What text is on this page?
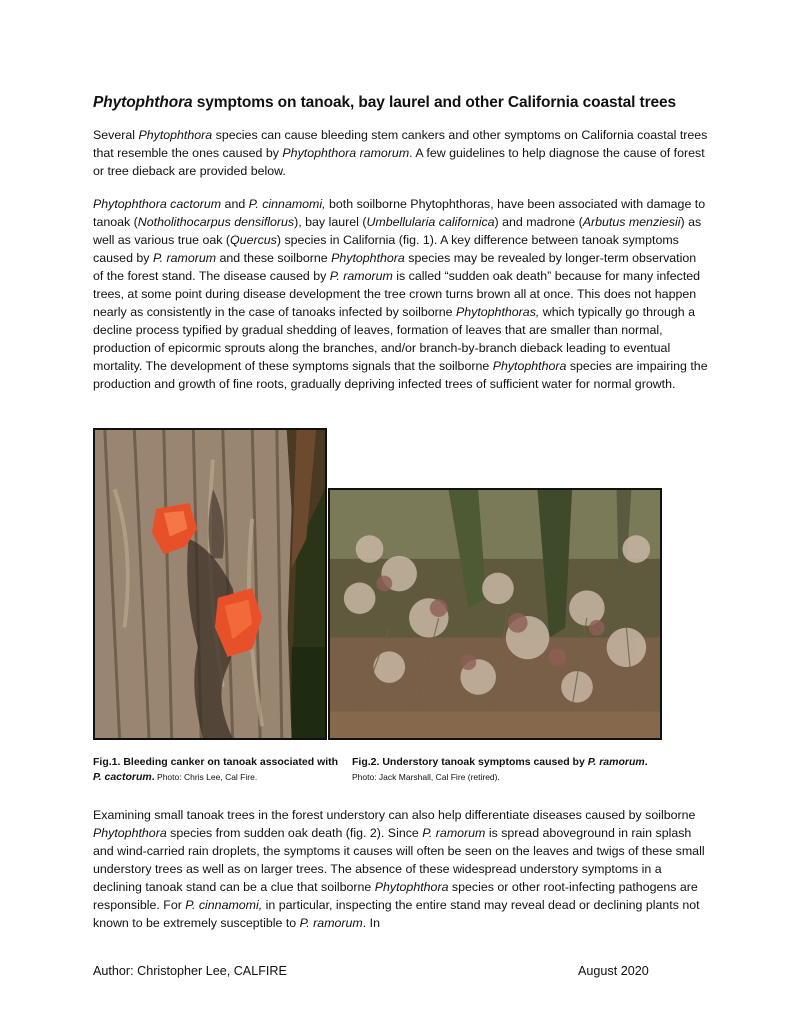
Phytophthora symptoms on tanoak, bay laurel and other California coastal trees

Several Phytophthora species can cause bleeding stem cankers and other symptoms on California coastal trees that resemble the ones caused by Phytophthora ramorum. A few guidelines to help diagnose the cause of forest or tree dieback are provided below.

Phytophthora cactorum and P. cinnamomi, both soilborne Phytophthoras, have been associated with damage to tanoak (Notholithocarpus densiflorus), bay laurel (Umbellularia californica) and madrone (Arbutus menziesii) as well as various true oak (Quercus) species in California (fig. 1). A key difference between tanoak symptoms caused by P. ramorum and these soilborne Phytophthora species may be revealed by longer-term observation of the forest stand. The disease caused by P. ramorum is called “sudden oak death” because for many infected trees, at some point during disease development the tree crown turns brown all at once. This does not happen nearly as consistently in the case of tanoaks infected by soilborne Phytophthoras, which typically go through a decline process typified by gradual shedding of leaves, formation of leaves that are smaller than normal, production of epicormic sprouts along the branches, and/or branch-by-branch dieback leading to eventual mortality. The development of these symptoms signals that the soilborne Phytophthora species are impairing the production and growth of fine roots, gradually depriving infected trees of sufficient water for normal growth.

Fig.1. Bleeding canker on tanoak associated with P. cactorum. Photo: Chris Lee, Cal Fire.
Fig.2. Understory tanoak symptoms caused by P. ramorum.
Photo: Jack Marshall, Cal Fire (retired).

Examining small tanoak trees in the forest understory can also help differentiate diseases caused by soilborne Phytophthora species from sudden oak death (fig. 2). Since P. ramorum is spread aboveground in rain splash and wind-carried rain droplets, the symptoms it causes will often be seen on the leaves and twigs of these small understory trees as well as on larger trees. The absence of these widespread understory symptoms in a declining tanoak stand can be a clue that soilborne Phytophthora species or other root-infecting pathogens are responsible. For P. cinnamomi, in particular, inspecting the entire stand may reveal dead or declining plants not known to be extremely susceptible to P. ramorum. In

Author: Christopher Lee, CALFIRE	August 2020
